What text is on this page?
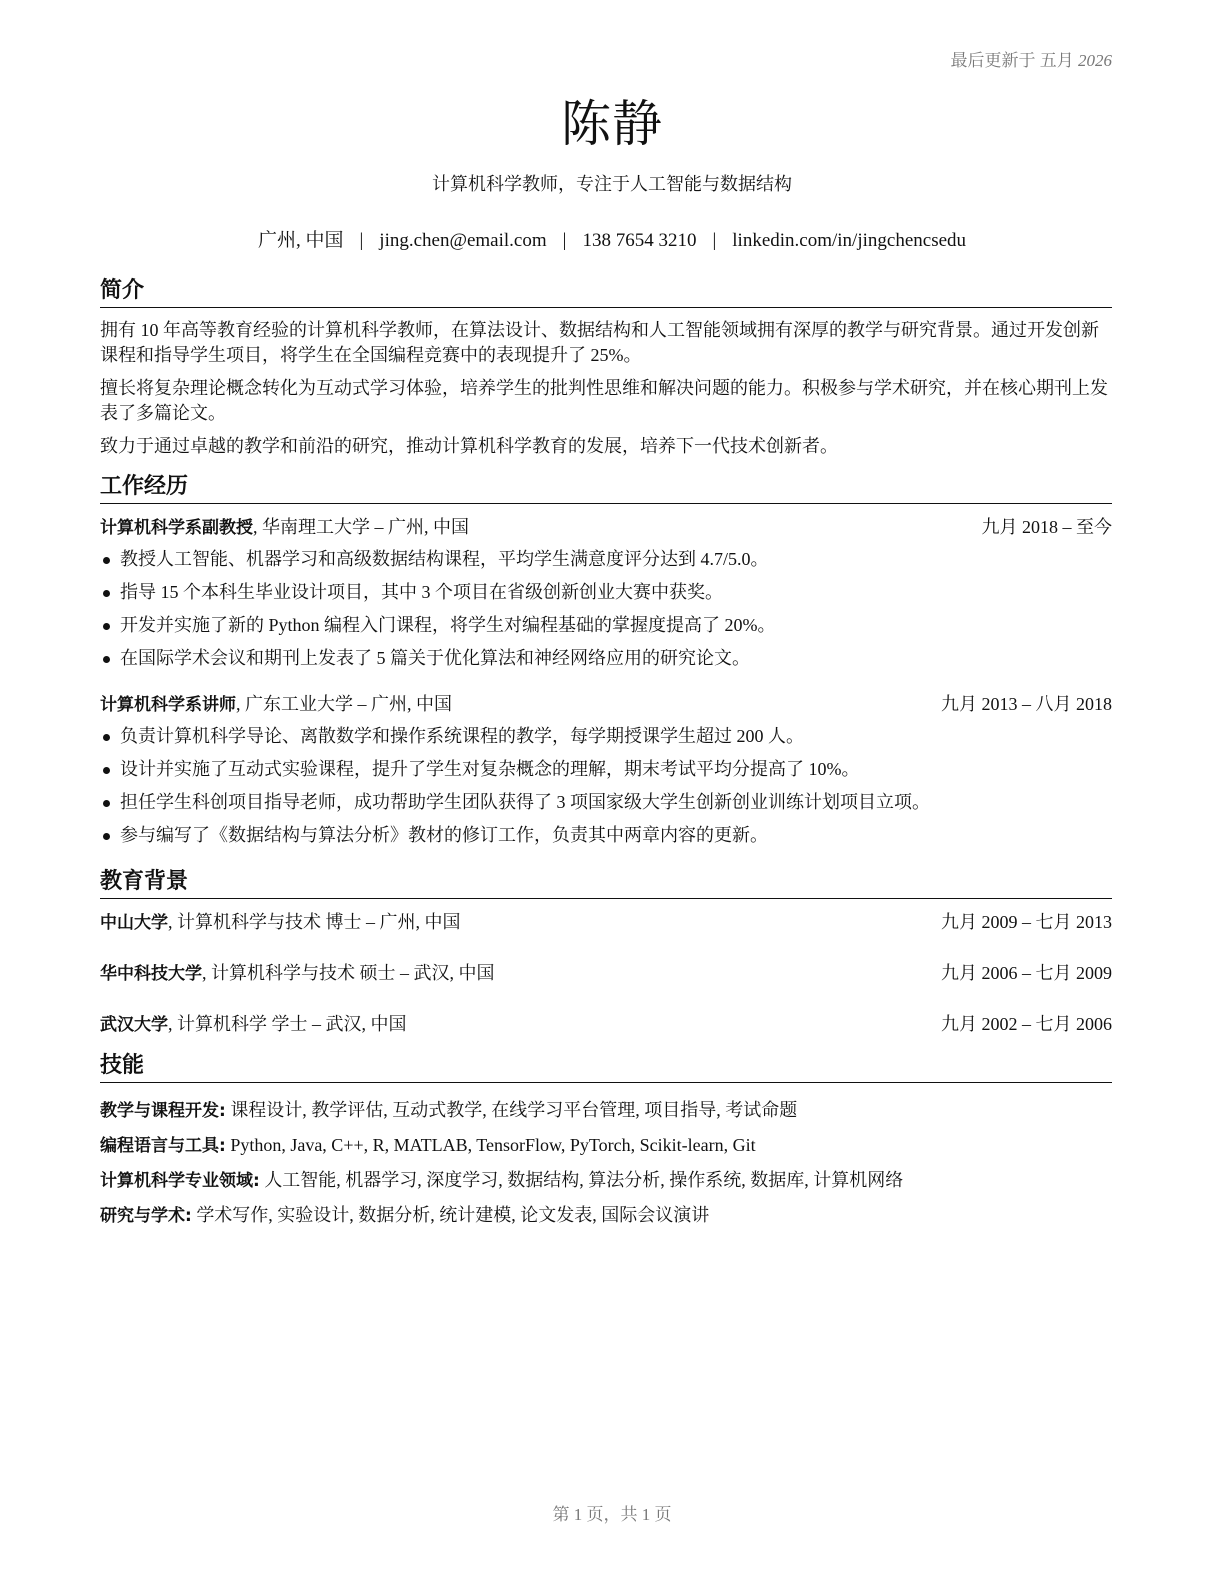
最后更新于 五月 2026
陈静
计算机科学教师，专注于人工智能与数据结构
广州, 中国 | jing.chen@email.com | 138 7654 3210 | linkedin.com/in/jingchencsedu
简介

拥有 10 年高等教育经验的计算机科学教师，在算法设计、数据结构和人工智能领域拥有深厚的教学与研究背景。通过开发创新课程和指导学生项目，将学生在全国编程竞赛中的表现提升了 25%。

擅长将复杂理论概念转化为互动式学习体验，培养学生的批判性思维和解决问题的能力。积极参与学术研究，并在核心期刊上发表了多篇论文。

致力于通过卓越的教学和前沿的研究，推动计算机科学教育的发展，培养下一代技术创新者。

工作经历
计算机科学系副教授, 华南理工大学 – 广州, 中国	九月 2018 – 至今
教授人工智能、机器学习和高级数据结构课程，平均学生满意度评分达到 4.7/5.0。
指导 15 个本科生毕业设计项目，其中 3 个项目在省级创新创业大赛中获奖。
开发并实施了新的 Python 编程入门课程，将学生对编程基础的掌握度提高了 20%。
在国际学术会议和期刊上发表了 5 篇关于优化算法和神经网络应用的研究论文。
计算机科学系讲师, 广东工业大学 – 广州, 中国	九月 2013 – 八月 2018
负责计算机科学导论、离散数学和操作系统课程的教学，每学期授课学生超过 200 人。
设计并实施了互动式实验课程，提升了学生对复杂概念的理解，期末考试平均分提高了 10%。
担任学生科创项目指导老师，成功帮助学生团队获得了 3 项国家级大学生创新创业训练计划项目立项。
参与编写了《数据结构与算法分析》教材的修订工作，负责其中两章内容的更新。
教育背景
中山大学, 计算机科学与技术 博士 – 广州, 中国	九月 2009 – 七月 2013
华中科技大学, 计算机科学与技术 硕士 – 武汉, 中国	九月 2006 – 七月 2009
武汉大学, 计算机科学 学士 – 武汉, 中国	九月 2002 – 七月 2006
技能
教学与课程开发: 课程设计, 教学评估, 互动式教学, 在线学习平台管理, 项目指导, 考试命题
编程语言与工具: Python, Java, C++, R, MATLAB, TensorFlow, PyTorch, Scikit-learn, Git
计算机科学专业领域: 人工智能, 机器学习, 深度学习, 数据结构, 算法分析, 操作系统, 数据库, 计算机网络
研究与学术: 学术写作, 实验设计, 数据分析, 统计建模, 论文发表, 国际会议演讲
第 1 页，共 1 页
